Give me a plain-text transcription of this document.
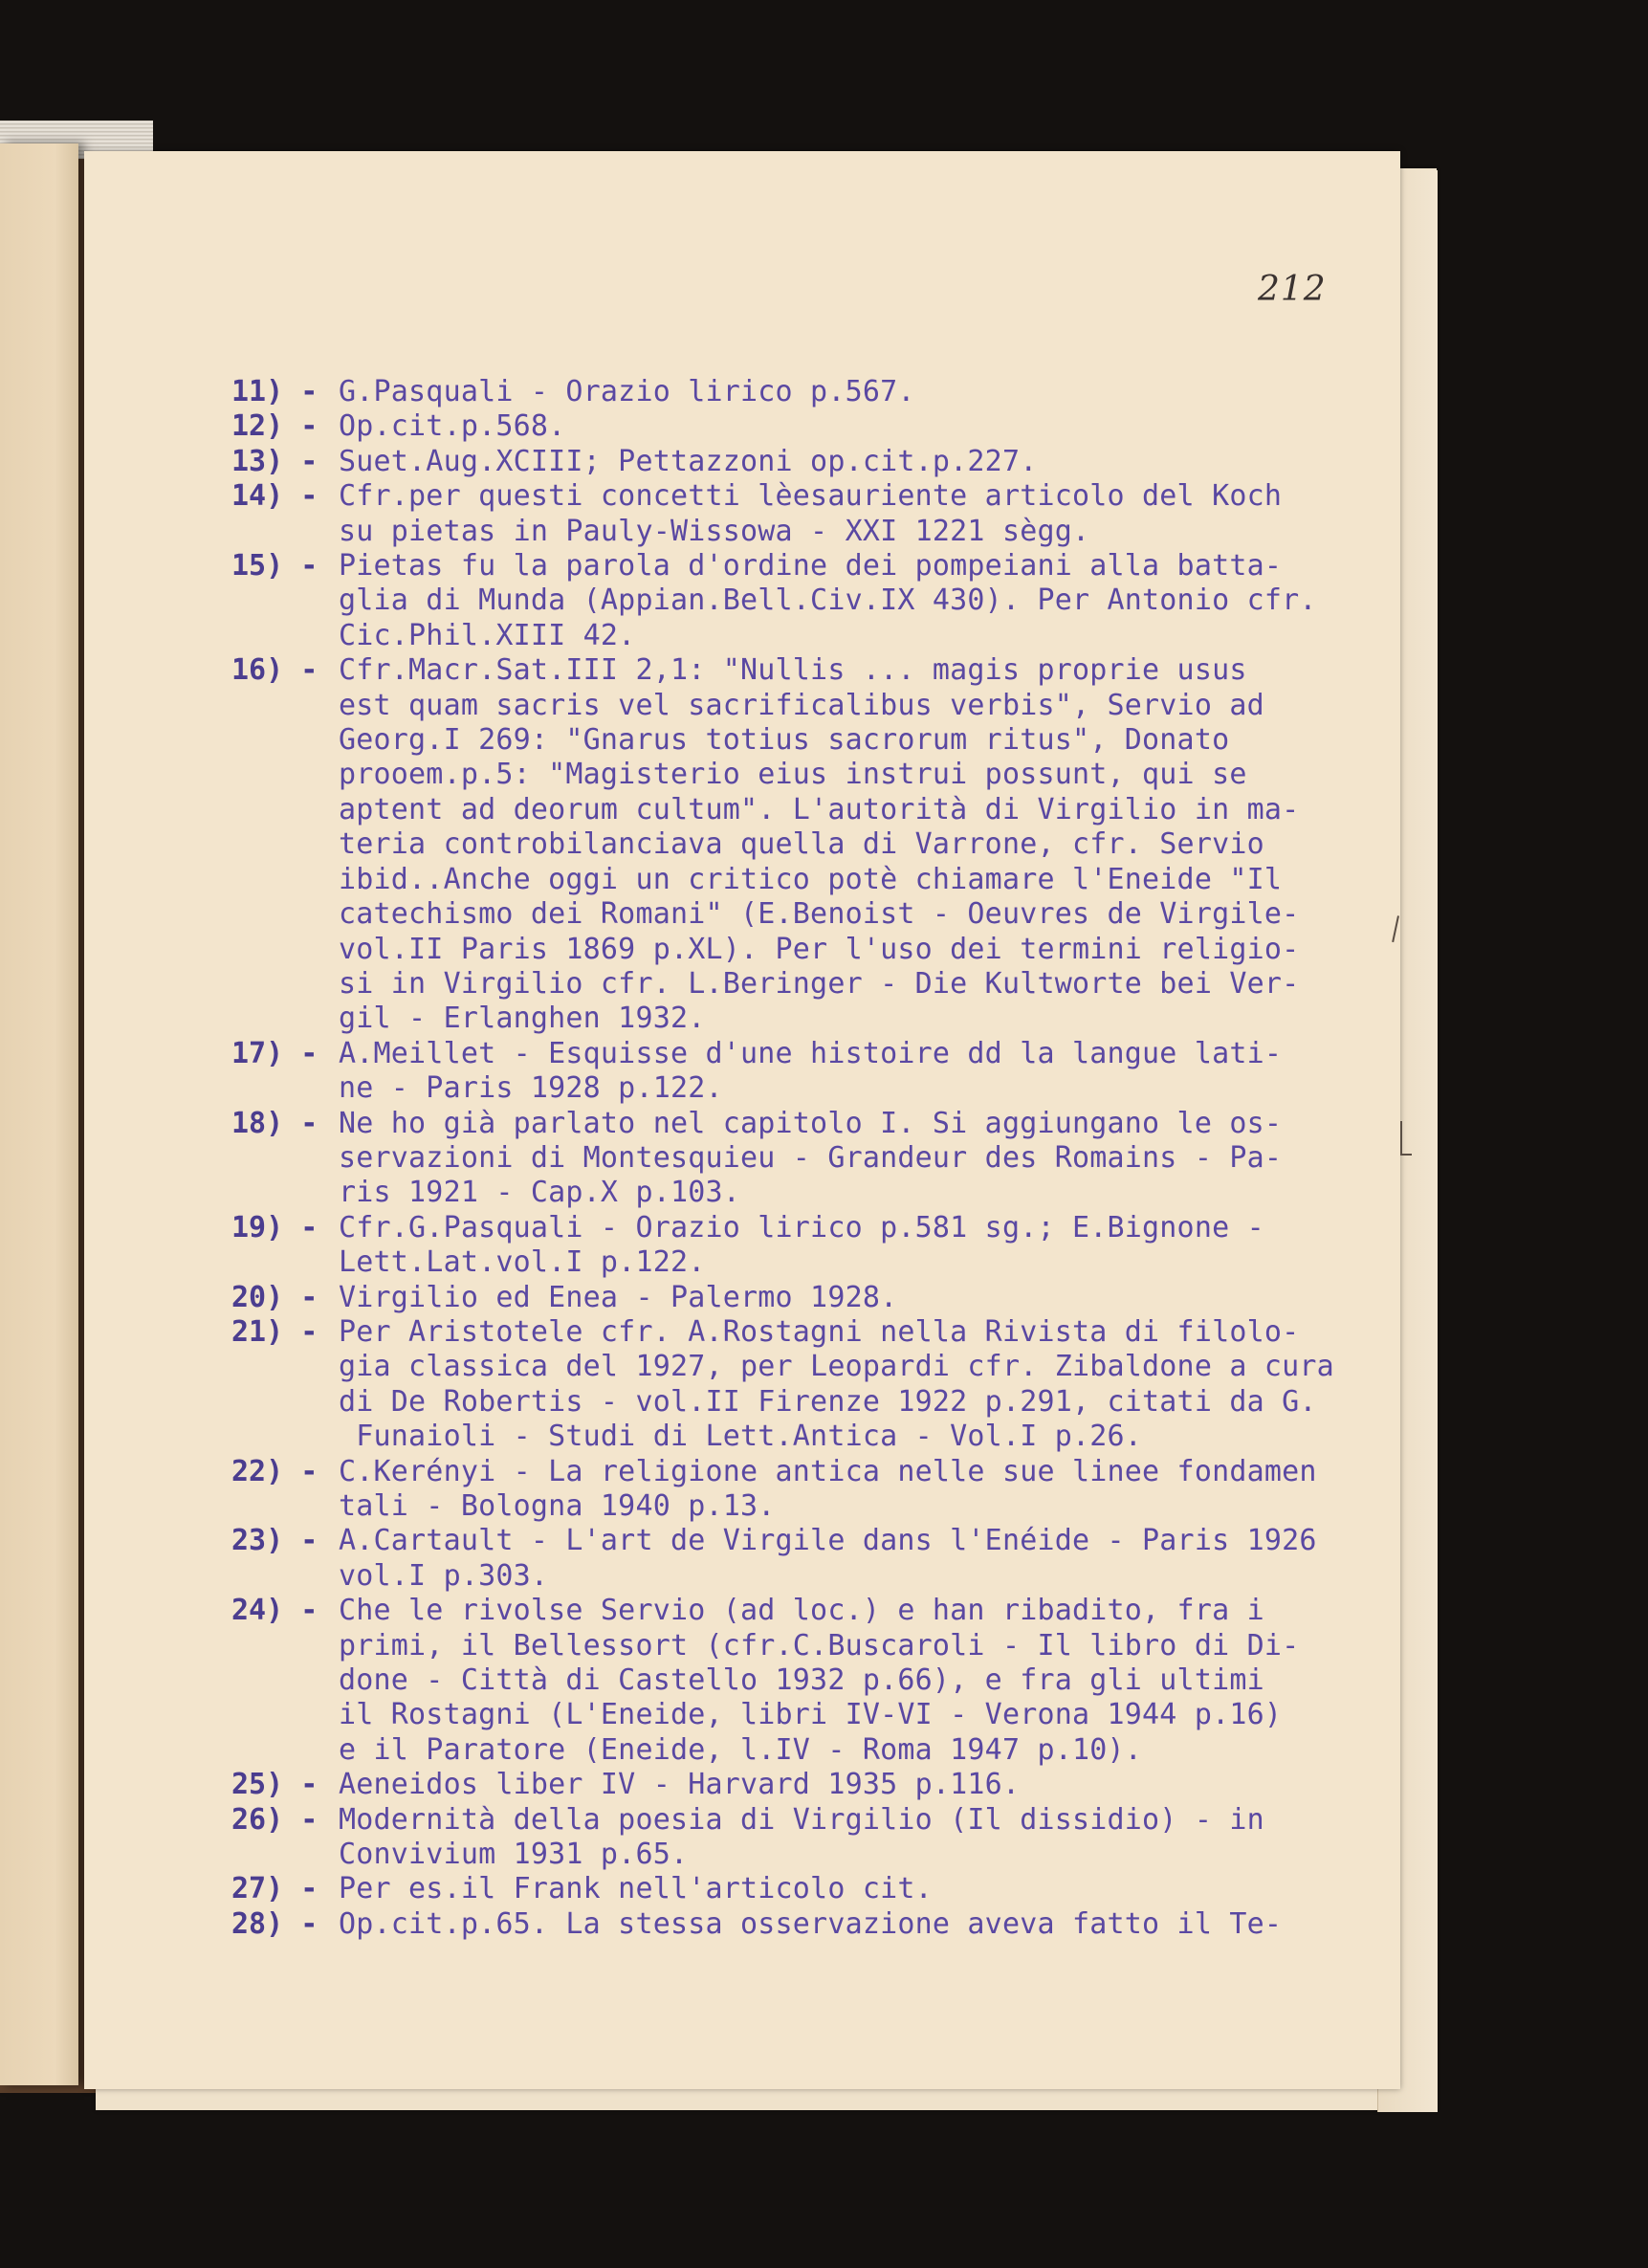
212
11) - G.Pasquali - Orazio lirico p.567.
12) - Op.cit.p.568.
13) - Suet.Aug.XCIII; Pettazzoni op.cit.p.227.
14) - Cfr.per questi concetti lèesauriente articolo del Koch
su pietas in Pauly-Wissowa - XXI 1221 sègg.
15) - Pietas fu la parola d'ordine dei pompeiani alla batta-
glia di Munda (Appian.Bell.Civ.IX 430). Per Antonio cfr.
Cic.Phil.XIII 42.
16) - Cfr.Macr.Sat.III 2,1: "Nullis ... magis proprie usus
est quam sacris vel sacrificalibus verbis", Servio ad
Georg.I 269: "Gnarus totius sacrorum ritus", Donato
prooem.p.5: "Magisterio eius instrui possunt, qui se
aptent ad deorum cultum". L'autorità di Virgilio in ma-
teria controbilanciava quella di Varrone, cfr. Servio
ibid..Anche oggi un critico potè chiamare l'Eneide "Il
catechismo dei Romani" (E.Benoist - Oeuvres de Virgile-
vol.II Paris 1869 p.XL). Per l'uso dei termini religio-
si in Virgilio cfr. L.Beringer - Die Kultworte bei Ver-
gil - Erlanghen 1932.
17) - A.Meillet - Esquisse d'une histoire dd la langue lati-
ne - Paris 1928 p.122.
18) - Ne ho già parlato nel capitolo I. Si aggiungano le os-
servazioni di Montesquieu - Grandeur des Romains - Pa-
ris 1921 - Cap.X p.103.
19) - Cfr.G.Pasquali - Orazio lirico p.581 sg.; E.Bignone -
Lett.Lat.vol.I p.122.
20) - Virgilio ed Enea - Palermo 1928.
21) - Per Aristotele cfr. A.Rostagni nella Rivista di filolo-
gia classica del 1927, per Leopardi cfr. Zibaldone a cura
di De Robertis - vol.II Firenze 1922 p.291, citati da G.
Funaioli - Studi di Lett.Antica - Vol.I p.26.
22) - C.Kerényi - La religione antica nelle sue linee fondamen
tali - Bologna 1940 p.13.
23) - A.Cartault - L'art de Virgile dans l'Enéide - Paris 1926
vol.I p.303.
24) - Che le rivolse Servio (ad loc.) e han ribadito, fra i
primi, il Bellessort (cfr.C.Buscaroli - Il libro di Di-
done - Città di Castello 1932 p.66), e fra gli ultimi
il Rostagni (L'Eneide, libri IV-VI - Verona 1944 p.16)
e il Paratore (Eneide, l.IV - Roma 1947 p.10).
25) - Aeneidos liber IV - Harvard 1935 p.116.
26) - Modernità della poesia di Virgilio (Il dissidio) - in
Convivium 1931 p.65.
27) - Per es.il Frank nell'articolo cit.
28) - Op.cit.p.65. La stessa osservazione aveva fatto il Te-
